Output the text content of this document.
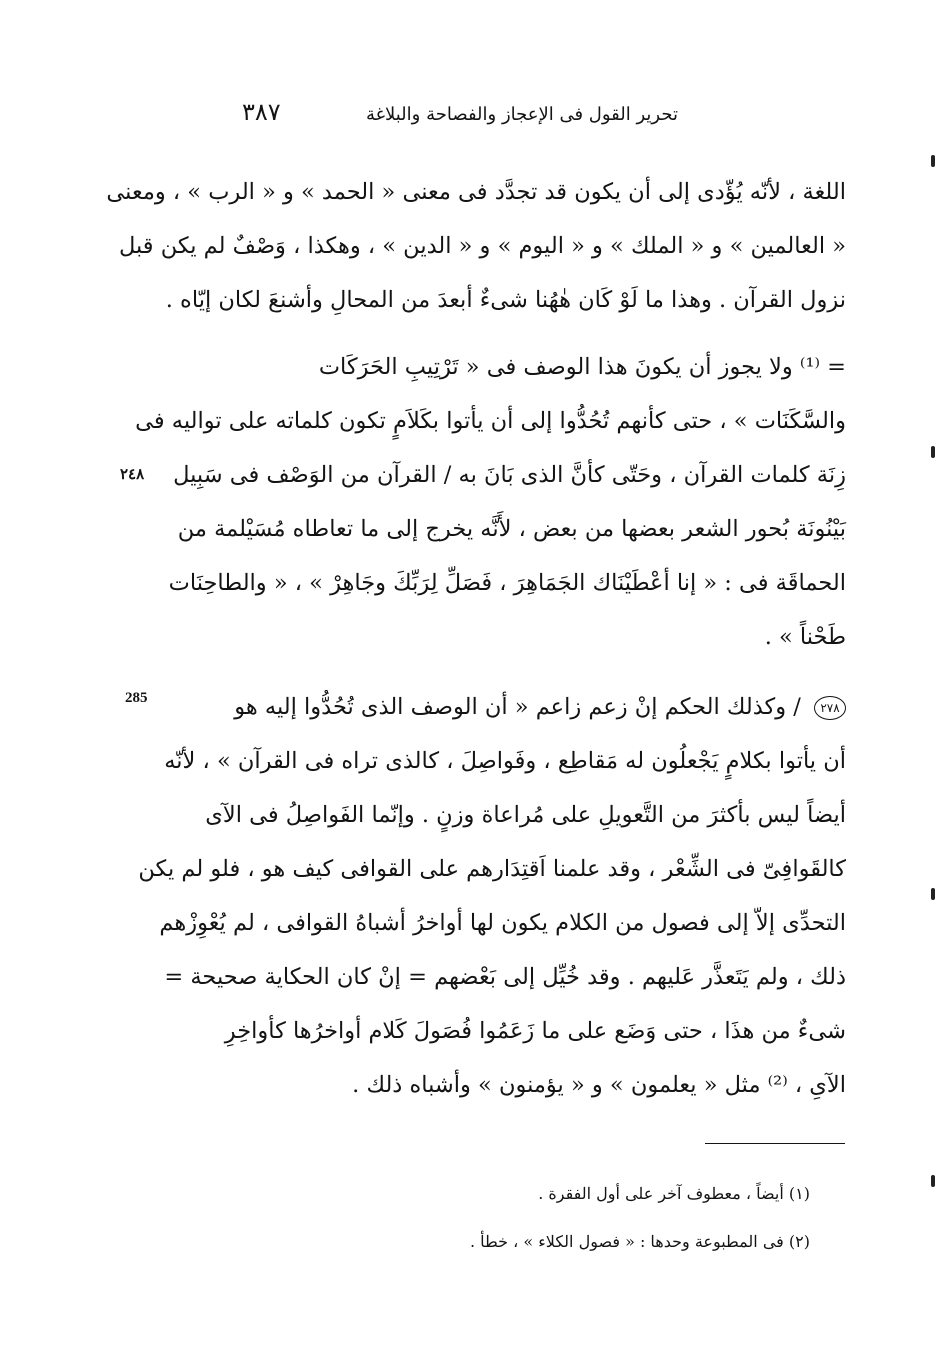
تحرير القول فى الإعجاز والفصاحة والبلاغة
٣٨٧
٢٤٨
285
اللغة ، لأنّه يُؤّدى إلى أن يكون قد تجدَّد فى معنى « الحمد » و « الرب » ، ومعنى
« العالمين » و « الملك » و « اليوم » و « الدين » ، وهكذا ، وَصْفٌ لم يكن قبل
نزول القرآن . وهذا ما لَوْ كَان هٰهُنا شىءٌ أبعدَ من المحالِ وأشنعَ لكان إيّاه .
= ⁽¹⁾ ولا يجوز أن يكونَ هذا الوصف فى « تَرْتِيبِ الحَرَكَات
والسَّكَنَات » ، حتى كأنهم تُحُدُّوا إلى أن يأتوا بكَلاَمٍ تكون كلماته على تواليه فى
زِنَة كلمات القرآن ، وحَتّى كأنَّ الذى بَانَ به / القرآن من الوَصْف فى سَبِيل
بَيْنُونَة بُحور الشعر بعضها من بعض ، لأَنَّه يخرج إلى ما تعاطاه مُسَيْلمة من
الحماقَة فى : « إنا أعْطَيْنَاك الجَمَاهِرَ ، فَصَلِّ لِرَبِّكَ وجَاهِرْ » ، « والطاحِنَات
طَحْناً » .
٢٧٨ / وكذلك الحكم إنْ زعم زاعم « أن الوصف الذى تُحُدُّوا إليه هو
أن يأتوا بكلامٍ يَجْعلُون له مَقاطِع ، وفَواصِلَ ، كالذى تراه فى القرآن » ، لأنّه
أيضاً ليس بأكثرَ من التَّعويلِ على مُراعاة وزنٍ . وإنّما الفَواصِلُ فى الآى
كالقَوافِىّ فى الشِّعْر ، وقد علمنا اَقتِدَارهم على القوافى كيف هو ، فلو لم يكن
التحدِّى إلاّ إلى فصول من الكلام يكون لها أواخرُ أشباهُ القوافى ، لم يُعْوِزْهم
ذلك ، ولم يَتَعذَّر عَليهم . وقد خُيِّل إلى بَعْضهم = إنْ كان الحكاية صحيحة =
شىءٌ من هذَا ، حتى وَضَع على ما زَعَمُوا فُصَولَ كَلام أواخرُها كأواخِرِ
الآىِ ، ⁽²⁾ مثل « يعلمون » و « يؤمنون » وأشباه ذلك .
(١) أيضاً ، معطوف آخر على أول الفقرة .
(٢) فى المطبوعة وحدها : « فصول الكلاء » ، خطأ .
